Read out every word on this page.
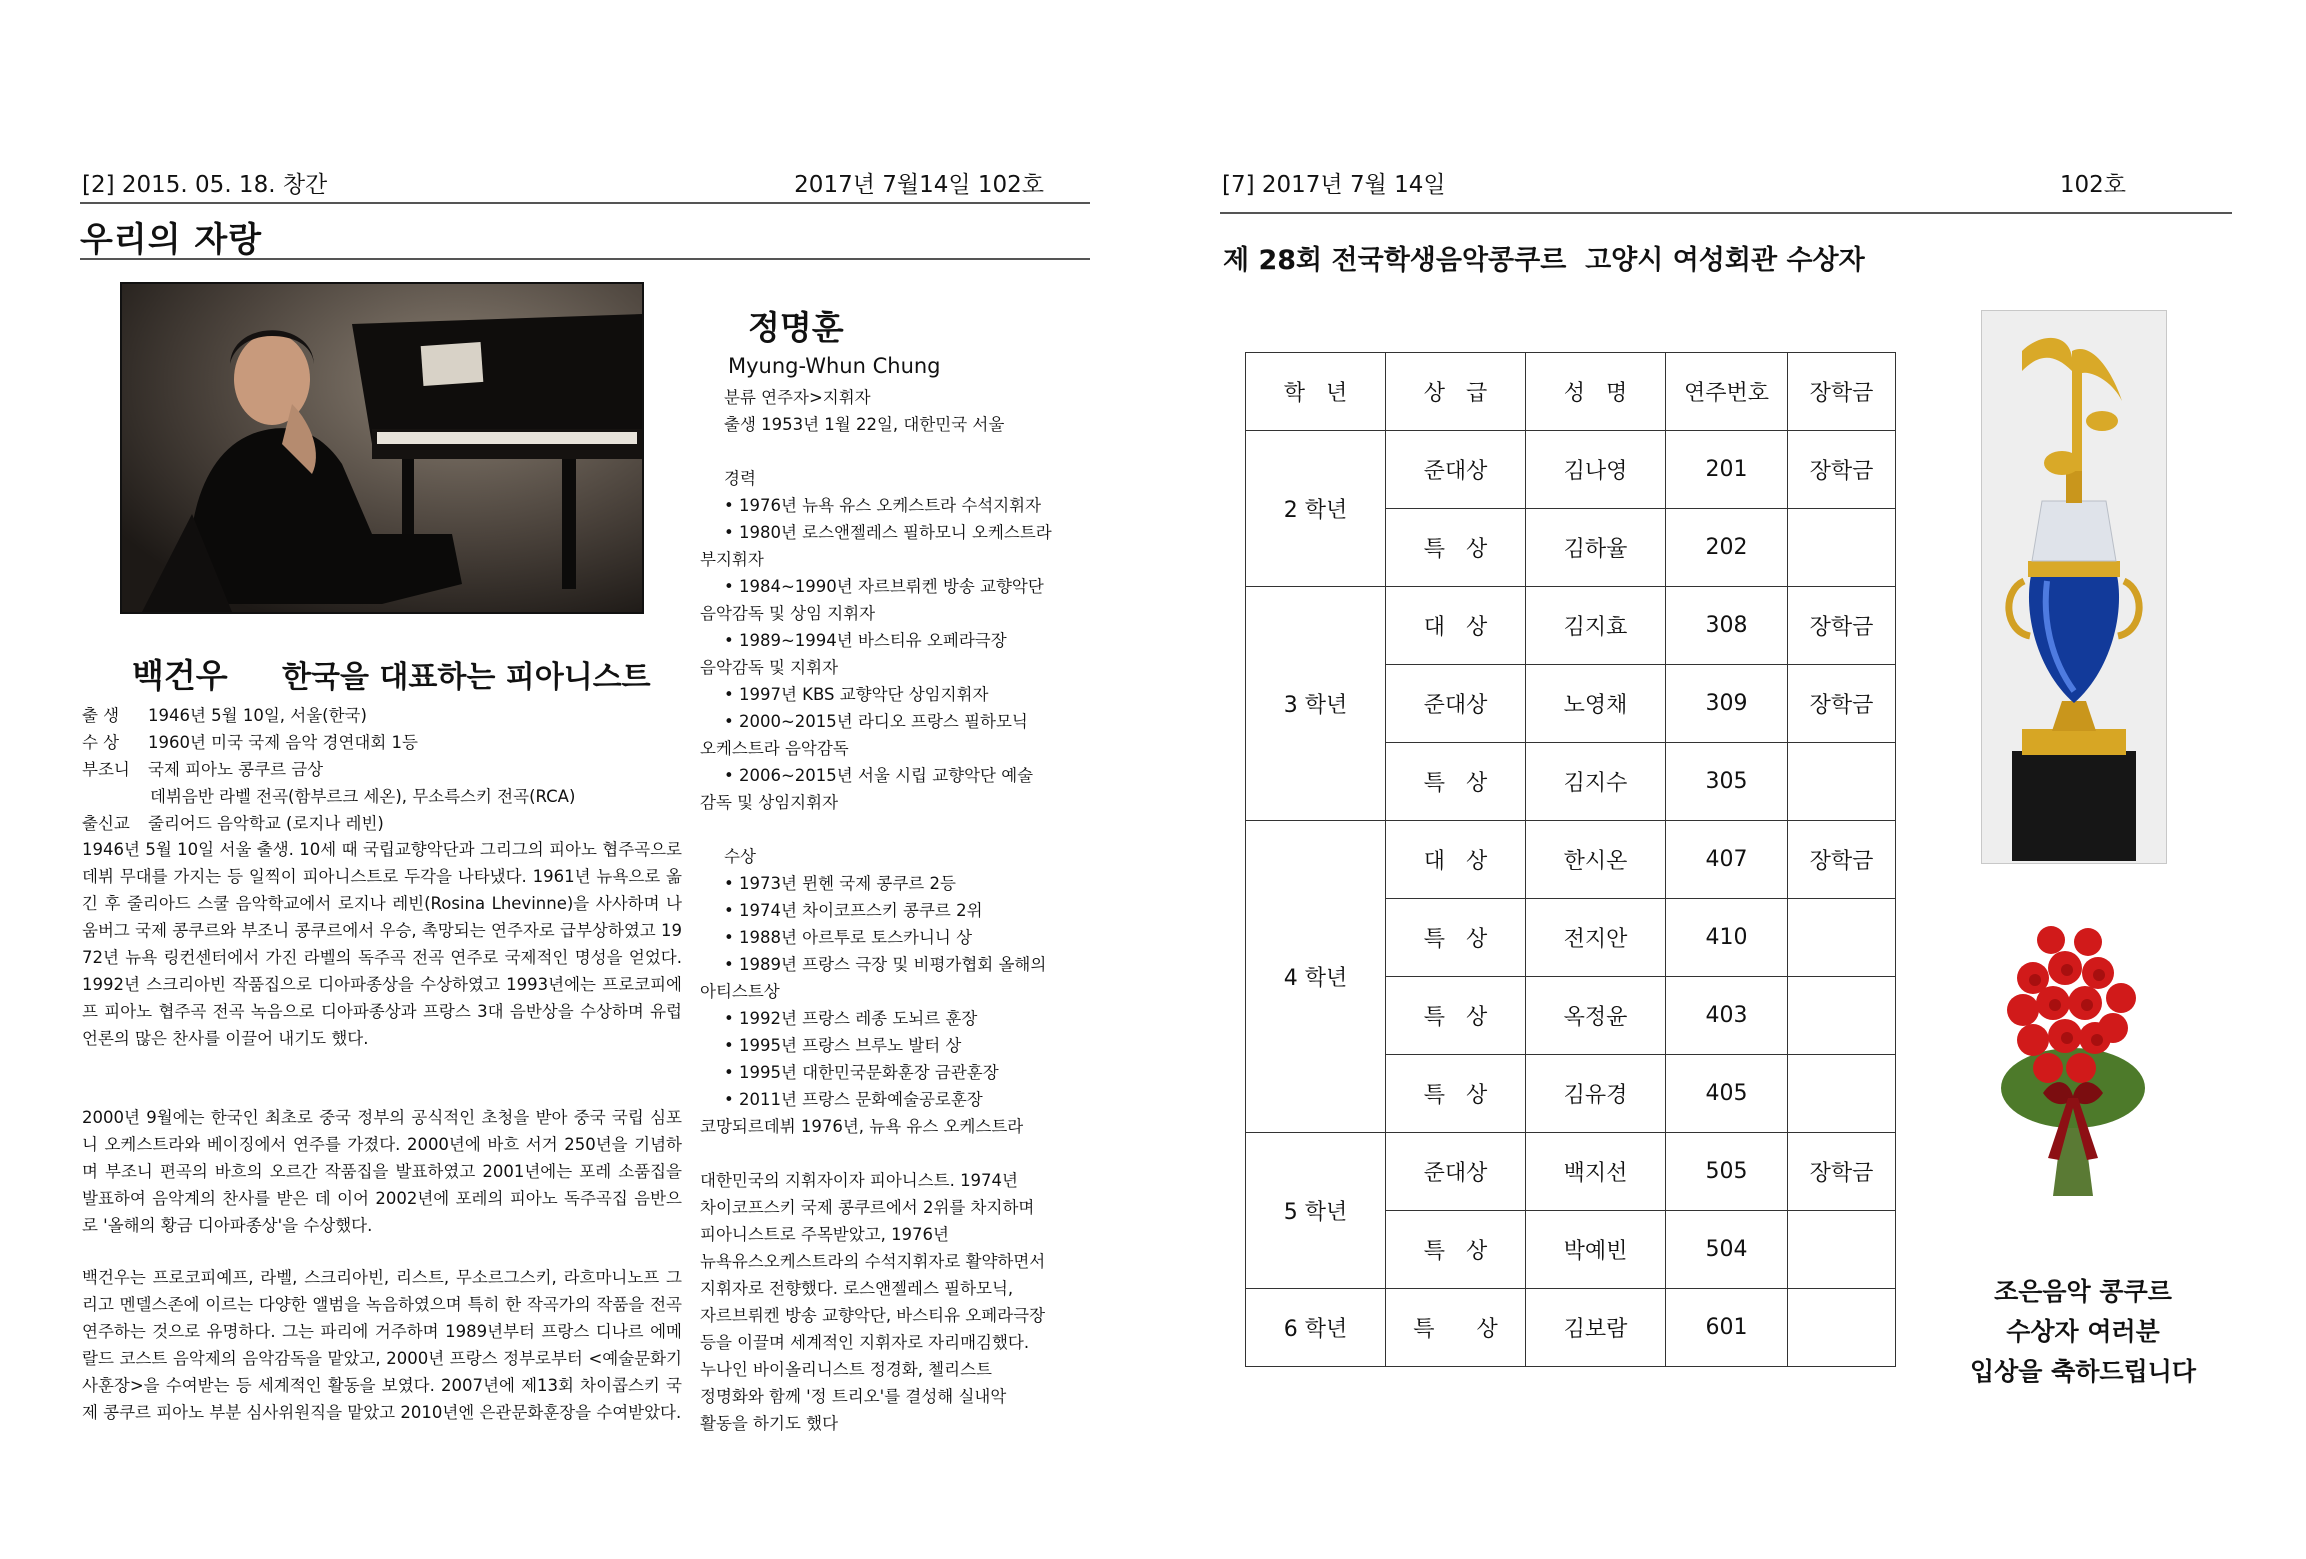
[2] 2015. 05. 18. 창간	2017년 7월14일 102호
우리의 자랑
백건우 한국을 대표하는 피아니스트
출 생	1946년 5월 10일, 서울(한국)
수 상	1960년 미국 국제 음악 경연대회 1등
부조니	국제 피아노 콩쿠르 금상
데뷔음반 라벨 전곡(함부르크 세온), 무소륵스키 전곡(RCA)
출신교	줄리어드 음악학교 (로지나 레빈)
1946년 5월 10일 서울 출생. 10세 때 국립교향악단과 그리그의 피아노 협주곡으로 데뷔 무대를 가지는 등 일찍이 피아니스트로 두각을 나타냈다. 1961년 뉴욕으로 옮긴 후 줄리아드 스쿨 음악학교에서 로지나 레빈(Rosina Lhevinne)을 사사하며 나움버그 국제 콩쿠르와 부조니 콩쿠르에서 우승, 촉망되는 연주자로 급부상하였고 1972년 뉴욕 링컨센터에서 가진 라벨의 독주곡 전곡 연주로 국제적인 명성을 얻었다. 1992년 스크리아빈 작품집으로 디아파종상을 수상하였고 1993년에는 프로코피에프 피아노 협주곡 전곡 녹음으로 디아파종상과 프랑스 3대 음반상을 수상하며 유럽 언론의 많은 찬사를 이끌어 내기도 했다.
2000년 9월에는 한국인 최초로 중국 정부의 공식적인 초청을 받아 중국 국립 심포니 오케스트라와 베이징에서 연주를 가졌다. 2000년에 바흐 서거 250년을 기념하며 부조니 편곡의 바흐의 오르간 작품집을 발표하였고 2001년에는 포레 소품집을 발표하여 음악계의 찬사를 받은 데 이어 2002년에 포레의 피아노 독주곡집 음반으로 '올해의 황금 디아파종상'을 수상했다.
백건우는 프로코피예프, 라벨, 스크리아빈, 리스트, 무소르그스키, 라흐마니노프 그리고 멘델스존에 이르는 다양한 앨범을 녹음하였으며 특히 한 작곡가의 작품을 전곡 연주하는 것으로 유명하다. 그는 파리에 거주하며 1989년부터 프랑스 디나르 에메랄드 코스트 음악제의 음악감독을 맡았고, 2000년 프랑스 정부로부터 <예술문화기사훈장>을 수여받는 등 세계적인 활동을 보였다. 2007년에 제13회 차이콥스키 국제 콩쿠르 피아노 부분 심사위원직을 맡았고 2010년엔 은관문화훈장을 수여받았다.
정명훈
Myung-Whun Chung
분류 연주자>지휘자
출생 1953년 1월 22일, 대한민국 서울
경력
• 1976년 뉴욕 유스 오케스트라 수석지휘자
• 1980년 로스앤젤레스 필하모니 오케스트라
부지휘자
• 1984~1990년 자르브뤼켄 방송 교향악단
음악감독 및 상임 지휘자
• 1989~1994년 바스티유 오페라극장
음악감독 및 지휘자
• 1997년 KBS 교향악단 상임지휘자
• 2000~2015년 라디오 프랑스 필하모닉
오케스트라 음악감독
• 2006~2015년 서울 시립 교향악단 예술
감독 및 상임지휘자
수상
• 1973년 뮌헨 국제 콩쿠르 2등
• 1974년 차이코프스키 콩쿠르 2위
• 1988년 아르투로 토스카니니 상
• 1989년 프랑스 극장 및 비평가협회 올해의
아티스트상
• 1992년 프랑스 레종 도뇌르 훈장
• 1995년 프랑스 브루노 발터 상
• 1995년 대한민국문화훈장 금관훈장
• 2011년 프랑스 문화예술공로훈장
코망되르데뷔 1976년, 뉴욕 유스 오케스트라
대한민국의 지휘자이자 피아니스트. 1974년
차이코프스키 국제 콩쿠르에서 2위를 차지하며
피아니스트로 주목받았고, 1976년
뉴욕유스오케스트라의 수석지휘자로 활약하면서
지휘자로 전향했다. 로스앤젤레스 필하모닉,
자르브뤼켄 방송 교향악단, 바스티유 오페라극장
등을 이끌며 세계적인 지휘자로 자리매김했다.
누나인 바이올리니스트 정경화, 첼리스트
정명화와 함께 '정 트리오'를 결성해 실내악
활동을 하기도 했다
[7] 2017년 7월 14일	102호
제 28회 전국학생음악콩쿠르  고양시 여성회관 수상자
학   년	상   급	성   명	연주번호	장학금
2 학년	준대상	김나영	201	장학금
	특   상	김하율	202	
3 학년	대   상	김지효	308	장학금
	준대상	노영채	309	장학금
	특   상	김지수	305	
4 학년	대   상	한시온	407	장학금
	특   상	전지안	410	
	특   상	옥정윤	403	
	특   상	김유경	405	
5 학년	준대상	백지선	505	장학금
	특   상	박예빈	504	
6 학년	특      상	김보람	601	
조은음악 콩쿠르
수상자 여러분
입상을 축하드립니다
